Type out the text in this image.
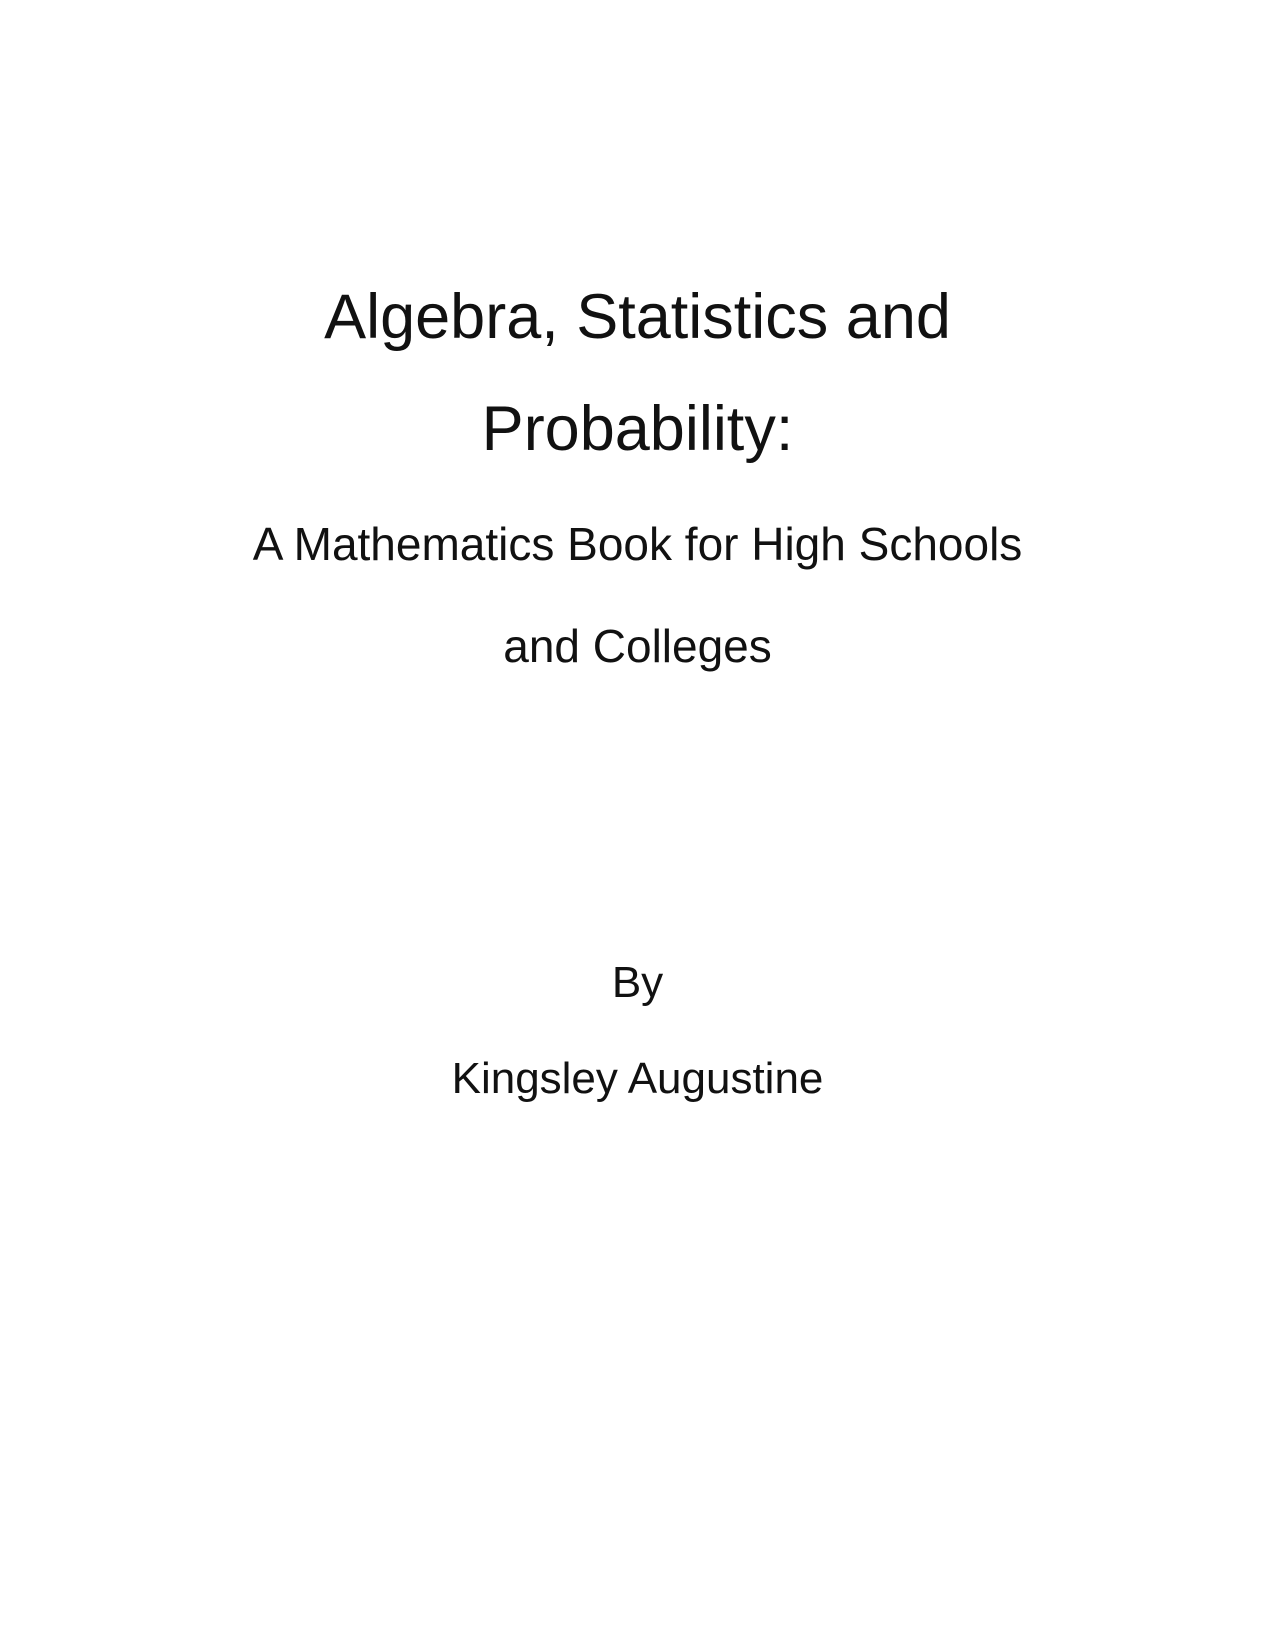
Algebra, Statistics and
Probability:
A Mathematics Book for High Schools
and Colleges

By

Kingsley Augustine
